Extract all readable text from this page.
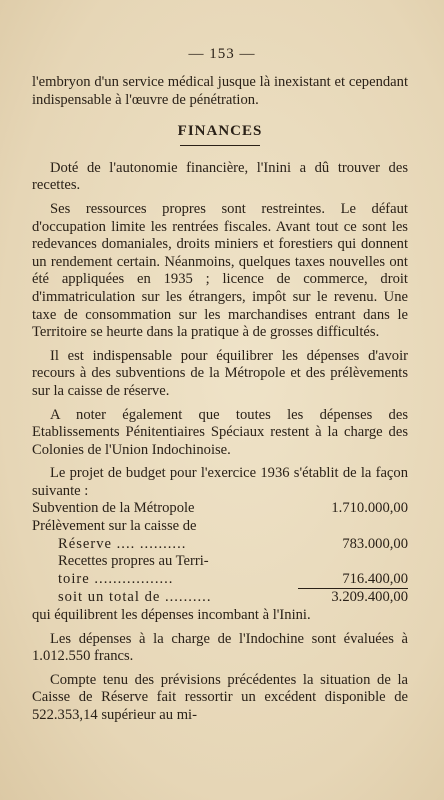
— 153 —

l'embryon d'un service médical jusque là inexistant et cependant indispensable à l'œuvre de pénétration.

FINANCES

Doté de l'autonomie financière, l'Inini a dû trouver des recettes.

Ses ressources propres sont restreintes. Le défaut d'occupation limite les rentrées fiscales. Avant tout ce sont les redevances domaniales, droits miniers et forestiers qui donnent un rendement certain. Néanmoins, quelques taxes nouvelles ont été appliquées en 1935 ; licence de commerce, droit d'immatriculation sur les étrangers, impôt sur le revenu. Une taxe de consommation sur les marchandises entrant dans le Territoire se heurte dans la pratique à de grosses difficultés.

Il est indispensable pour équilibrer les dépenses d'avoir recours à des subventions de la Métropole et des prélèvements sur la caisse de réserve.

A noter également que toutes les dépenses des Etablissements Pénitentiaires Spéciaux restent à la charge des Colonies de l'Union Indochinoise.

Le projet de budget pour l'exercice 1936 s'établit de la façon suivante :

Subvention de la Métropole	1.710.000,00
Prélèvement sur la caisse de
Réserve .... ..........	783.000,00
Recettes propres au Terri-
toire .................	716.400,00
soit un total de ..........	3.209.400,00

qui équilibrent les dépenses incombant à l'Inini.

Les dépenses à la charge de l'Indochine sont évaluées à 1.012.550 francs.

Compte tenu des prévisions précédentes la situation de la Caisse de Réserve fait ressortir un excédent disponible de 522.353,14 supérieur au mi-
